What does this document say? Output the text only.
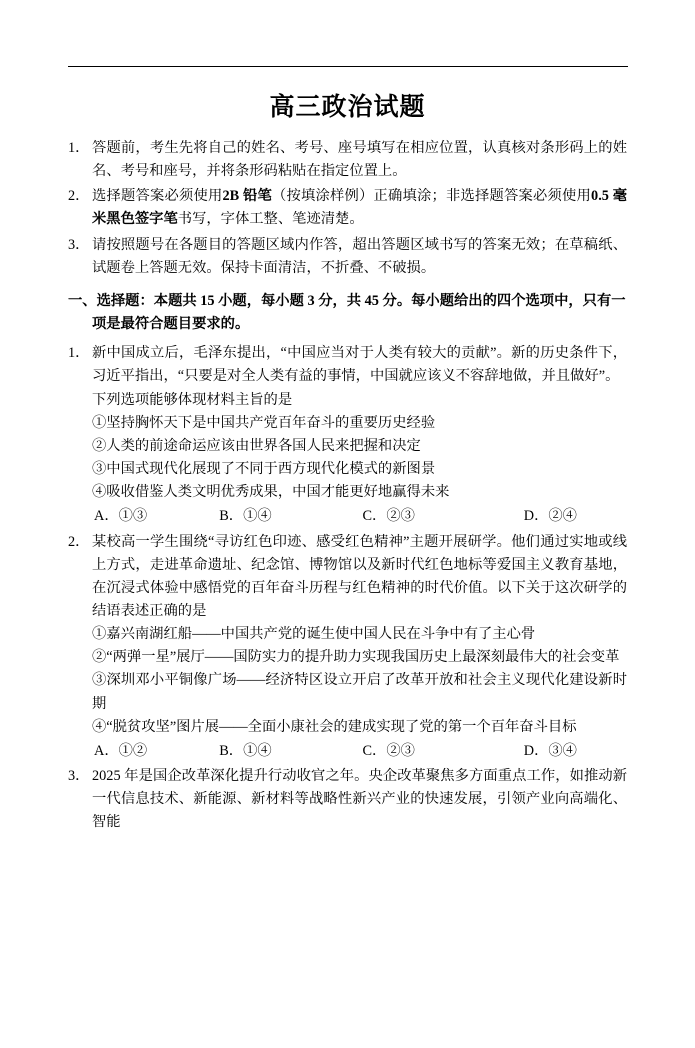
高三政治试题
1． 答题前，考生先将自己的姓名、考号、座号填写在相应位置，认真核对条形码上的姓名、考号和座号，并将条形码粘贴在指定位置上。
2． 选择题答案必须使用2B 铅笔（按填涂样例）正确填涂；非选择题答案必须使用0.5 毫米黑色签字笔书写，字体工整、笔迹清楚。
3． 请按照题号在各题目的答题区域内作答，超出答题区域书写的答案无效；在草稿纸、试题卷上答题无效。保持卡面清洁，不折叠、不破损。
一、选择题：本题共 15 小题，每小题 3 分，共 45 分。每小题给出的四个选项中，只有一
项是最符合题目要求的。
1． 新中国成立后，毛泽东提出，“中国应当对于人类有较大的贡献”。新的历史条件下，习近平指出，“只要是对全人类有益的事情，中国就应该义不容辞地做，并且做好”。
下列选项能够体现材料主旨的是
①坚持胸怀天下是中国共产党百年奋斗的重要历史经验
②人类的前途命运应该由世界各国人民来把握和决定
③中国式现代化展现了不同于西方现代化模式的新图景
④吸收借鉴人类文明优秀成果，中国才能更好地赢得未来
A．①③	B．①④	C．②③	D．②④
2． 某校高一学生围绕“寻访红色印迹、感受红色精神”主题开展研学。他们通过实地或线上方式，走进革命遗址、纪念馆、博物馆以及新时代红色地标等爱国主义教育基地，在沉浸式体验中感悟党的百年奋斗历程与红色精神的时代价值。以下关于这次研学的结语表述正确的是
①嘉兴南湖红船——中国共产党的诞生使中国人民在斗争中有了主心骨
②“两弹一星”展厅——国防实力的提升助力实现我国历史上最深刻最伟大的社会变革
③深圳邓小平铜像广场——经济特区设立开启了改革开放和社会主义现代化建设新时期
④“脱贫攻坚”图片展——全面小康社会的建成实现了党的第一个百年奋斗目标
A．①②	B．①④	C．②③	D．③④
3． 2025 年是国企改革深化提升行动收官之年。央企改革聚焦多方面重点工作，如推动新一代信息技术、新能源、新材料等战略性新兴产业的快速发展，引领产业向高端化、智能
